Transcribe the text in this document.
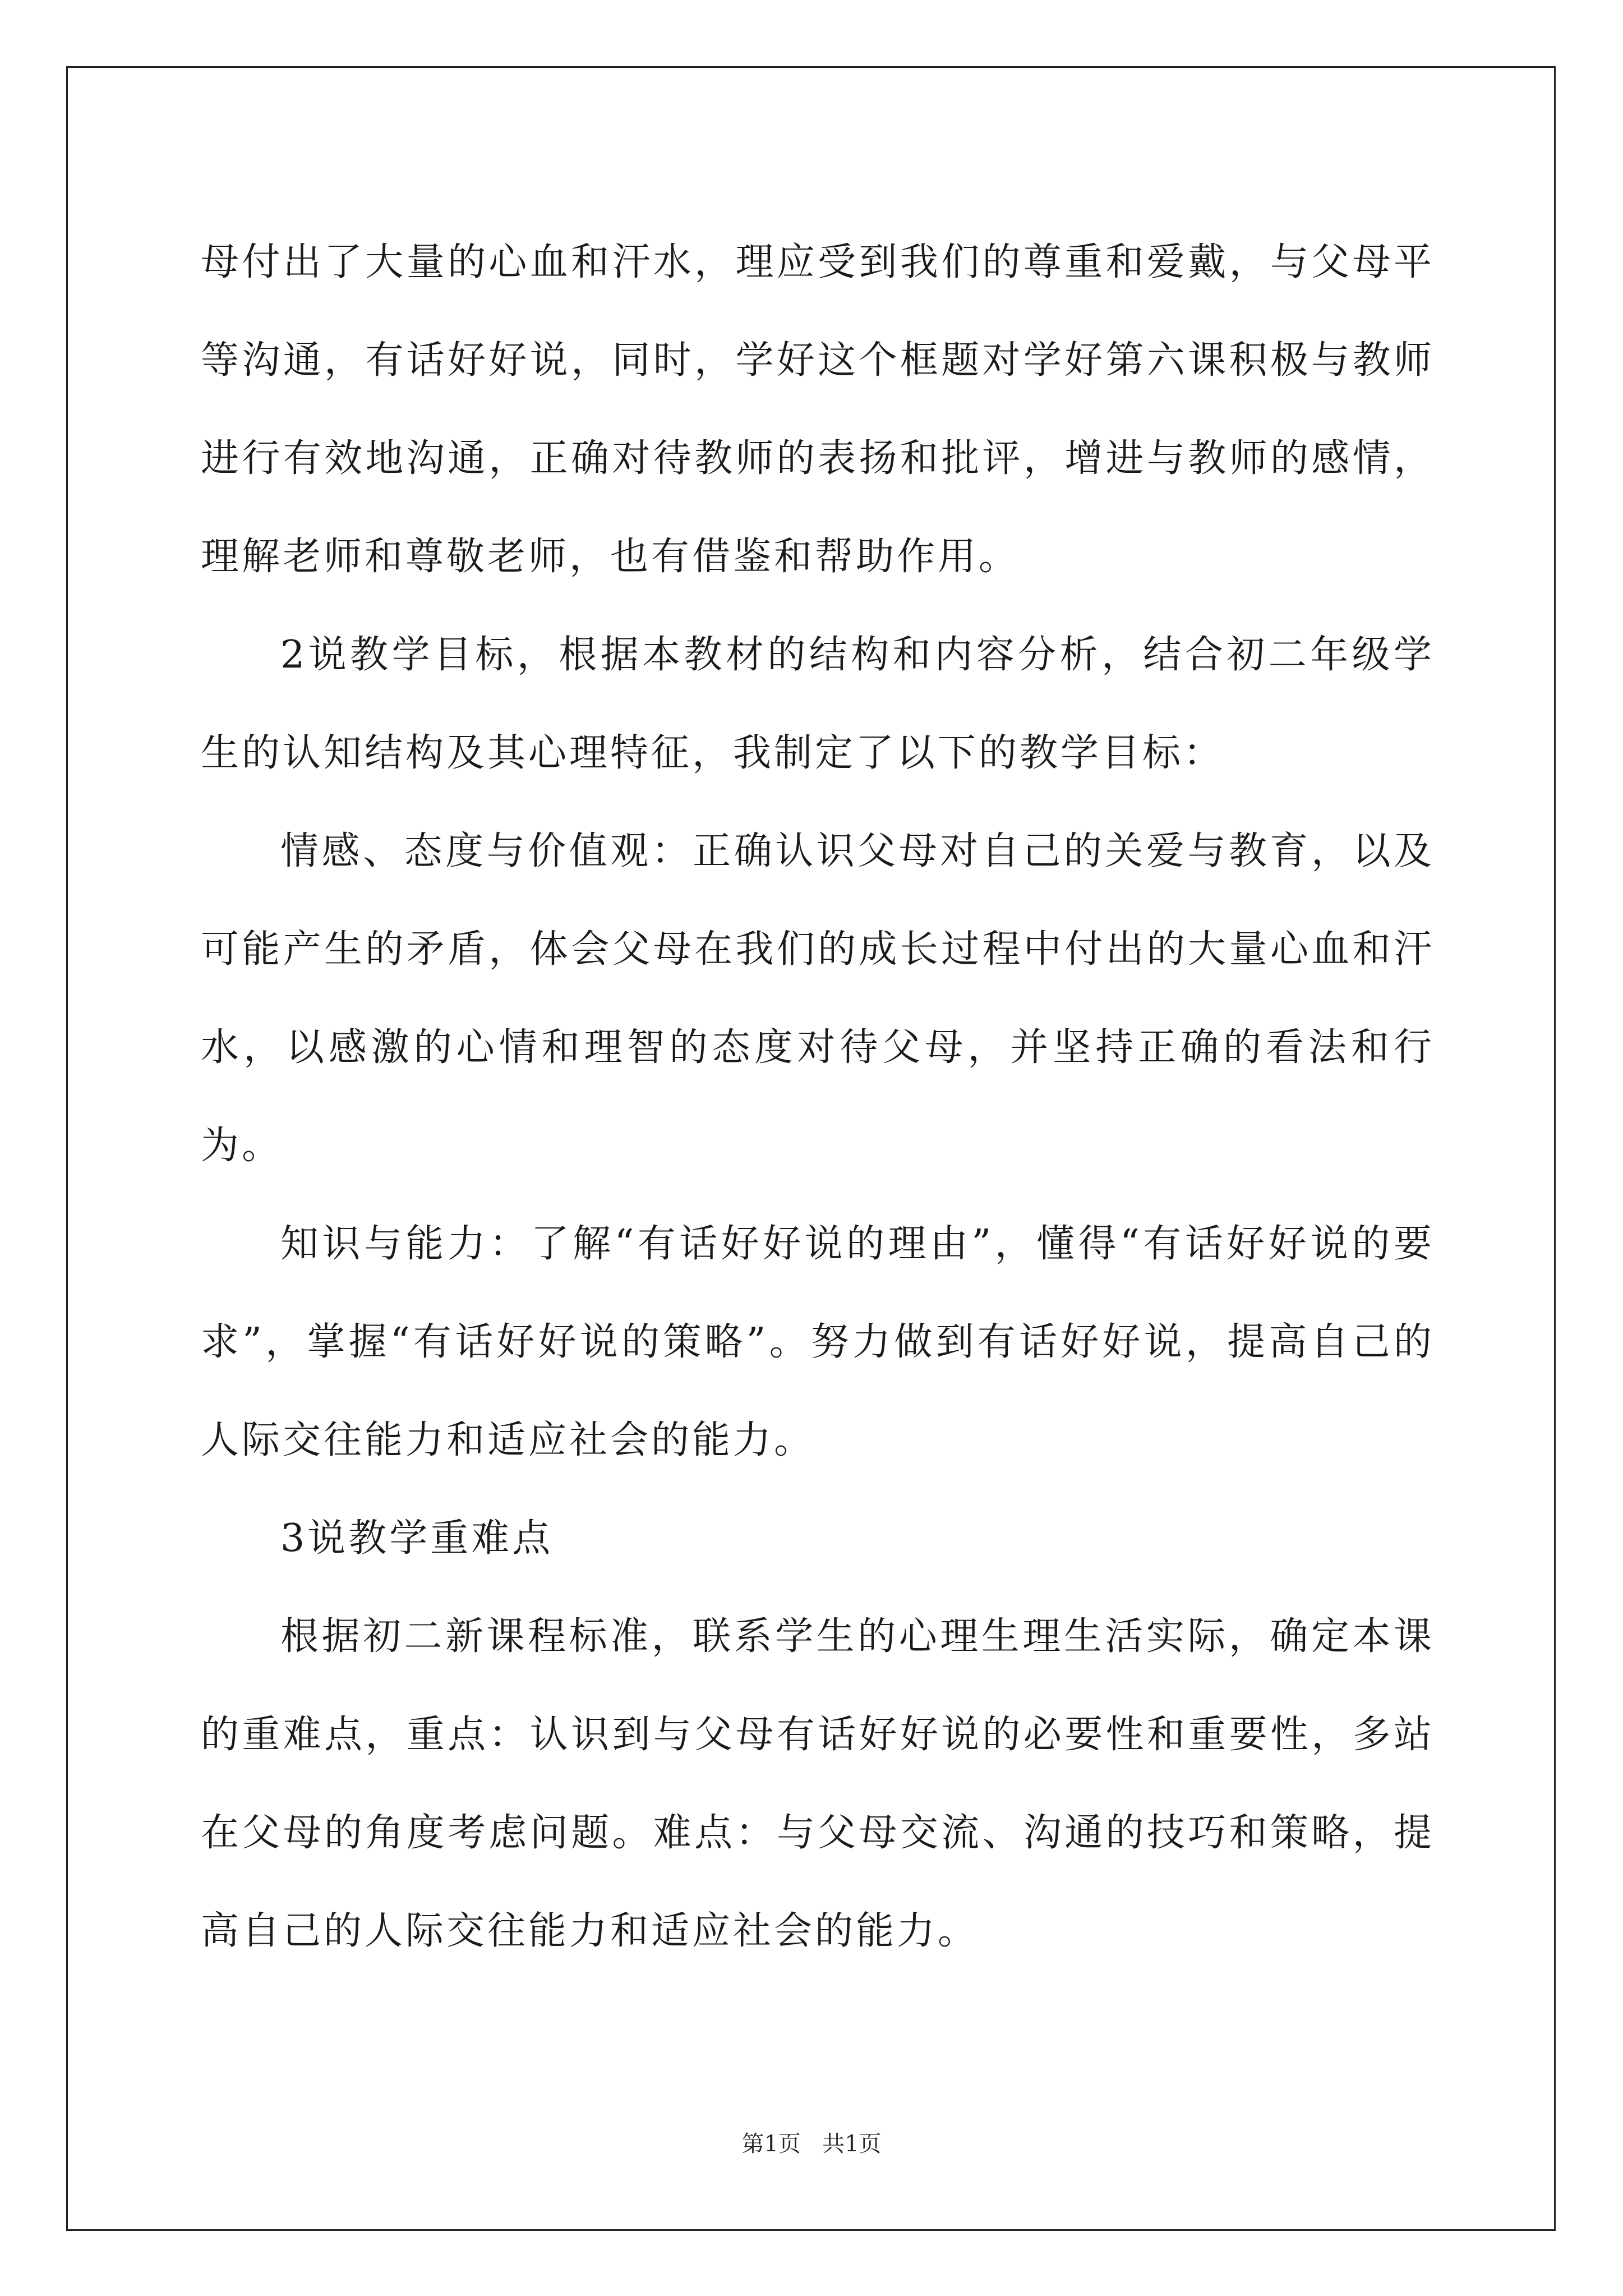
母付出了大量的心血和汗水，理应受到我们的尊重和爱戴，与父母平等沟通，有话好好说，同时，学好这个框题对学好第六课积极与教师进行有效地沟通，正确对待教师的表扬和批评，增进与教师的感情，理解老师和尊敬老师，也有借鉴和帮助作用。

2说教学目标，根据本教材的结构和内容分析，结合初二年级学生的认知结构及其心理特征，我制定了以下的教学目标：

情感、态度与价值观：正确认识父母对自己的关爱与教育，以及可能产生的矛盾，体会父母在我们的成长过程中付出的大量心血和汗水，以感激的心情和理智的态度对待父母，并坚持正确的看法和行为。

知识与能力：了解“有话好好说的理由”，懂得“有话好好说的要求”，掌握“有话好好说的策略”。努力做到有话好好说，提高自己的人际交往能力和适应社会的能力。

3说教学重难点

根据初二新课程标准，联系学生的心理生理生活实际，确定本课的重难点，重点：认识到与父母有话好好说的必要性和重要性，多站在父母的角度考虑问题。难点：与父母交流、沟通的技巧和策略，提高自己的人际交往能力和适应社会的能力。

第1页 共1页
